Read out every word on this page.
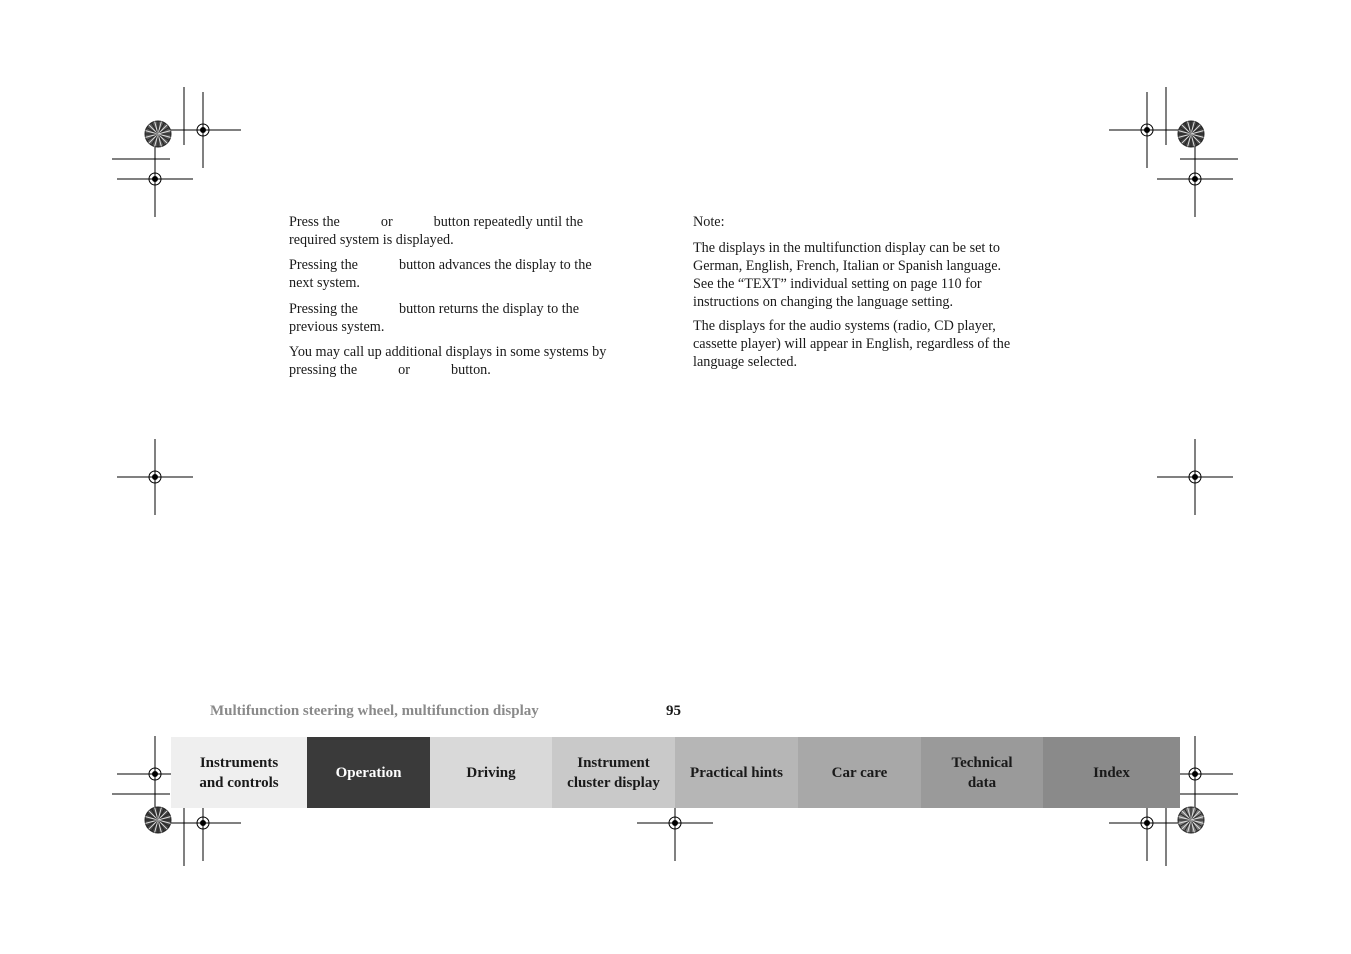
Press the	or	button repeatedly until the
required system is displayed.

Pressing the	button advances the display to the
next system.

Pressing the	button returns the display to the
previous system.

You may call up additional displays in some systems by
pressing the	or	button.

Note:

The displays in the multifunction display can be set to
German, English, French, Italian or Spanish language.
See the “TEXT” individual setting on page 110 for
instructions on changing the language setting.

The displays for the audio systems (radio, CD player,
cassette player) will appear in English, regardless of the
language selected.

Multifunction steering wheel, multifunction display	95
Instruments
and controls
Operation	Driving
Instrument
cluster display
Practical hints	Car care
Technical
data
Index
